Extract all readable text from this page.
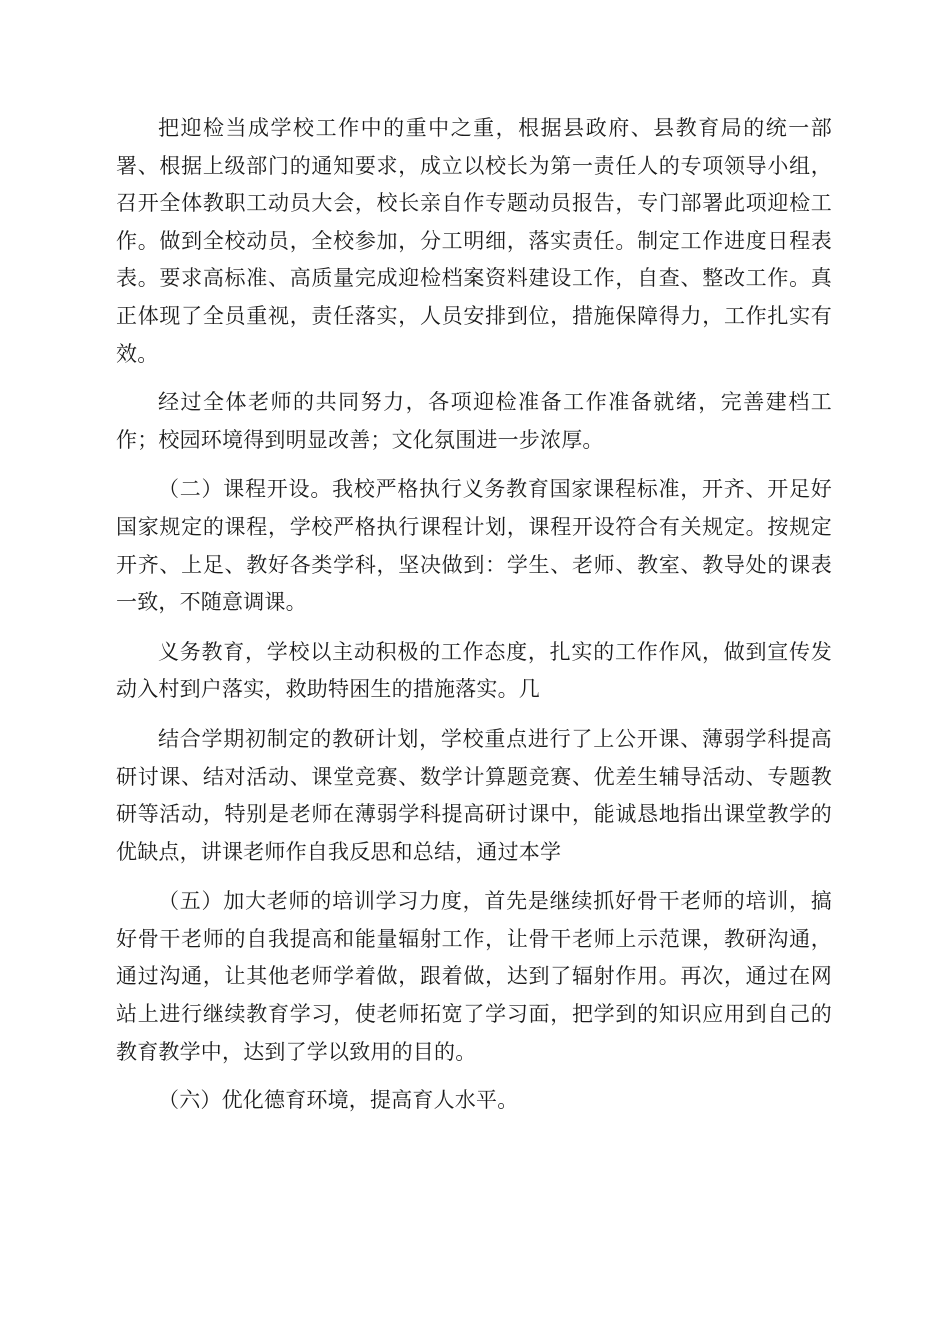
把迎检当成学校工作中的重中之重，根据县政府、县教育局的统一部署、根据上级部门的通知要求，成立以校长为第一责任人的专项领导小组，召开全体教职工动员大会，校长亲自作专题动员报告，专门部署此项迎检工作。做到全校动员，全校参加，分工明细，落实责任。制定工作进度日程表表。要求高标准、高质量完成迎检档案资料建设工作，自查、整改工作。真正体现了全员重视，责任落实，人员安排到位，措施保障得力，工作扎实有效。

经过全体老师的共同努力，各项迎检准备工作准备就绪，完善建档工作；校园环境得到明显改善；文化氛围进一步浓厚。

（二）课程开设。我校严格执行义务教育国家课程标准，开齐、开足好国家规定的课程，学校严格执行课程计划，课程开设符合有关规定。按规定开齐、上足、教好各类学科，坚决做到：学生、老师、教室、教导处的课表一致，不随意调课。

义务教育，学校以主动积极的工作态度，扎实的工作作风，做到宣传发动入村到户落实，救助特困生的措施落实。几

结合学期初制定的教研计划，学校重点进行了上公开课、薄弱学科提高研讨课、结对活动、课堂竞赛、数学计算题竞赛、优差生辅导活动、专题教研等活动，特别是老师在薄弱学科提高研讨课中，能诚恳地指出课堂教学的优缺点，讲课老师作自我反思和总结，通过本学

（五）加大老师的培训学习力度，首先是继续抓好骨干老师的培训，搞好骨干老师的自我提高和能量辐射工作，让骨干老师上示范课，教研沟通，通过沟通，让其他老师学着做，跟着做，达到了辐射作用。再次，通过在网站上进行继续教育学习，使老师拓宽了学习面，把学到的知识应用到自己的教育教学中，达到了学以致用的目的。

（六）优化德育环境，提高育人水平。
